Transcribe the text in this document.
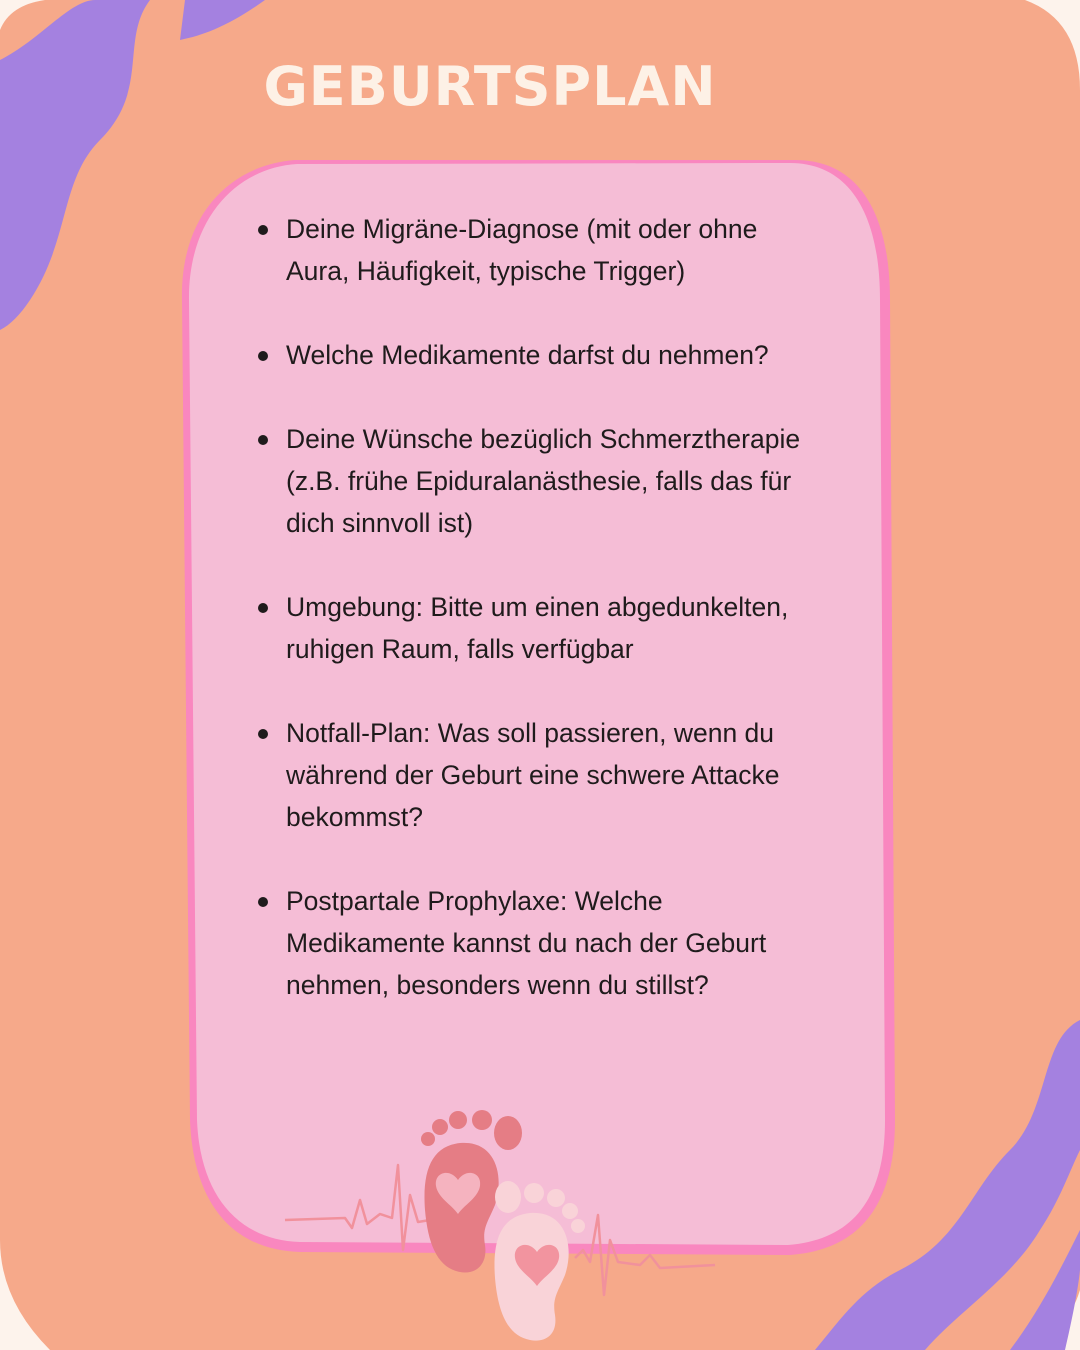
GEBURTSPLAN
Deine Migräne-Diagnose (mit oder ohne Aura, Häufigkeit, typische Trigger)
Welche Medikamente darfst du nehmen?
Deine Wünsche bezüglich Schmerztherapie (z.B. frühe Epiduralanästhesie, falls das für dich sinnvoll ist)
Umgebung: Bitte um einen abgedunkelten, ruhigen Raum, falls verfügbar
Notfall-Plan: Was soll passieren, wenn du während der Geburt eine schwere Attacke bekommst?
Postpartale Prophylaxe: Welche Medikamente kannst du nach der Geburt nehmen, besonders wenn du stillst?
